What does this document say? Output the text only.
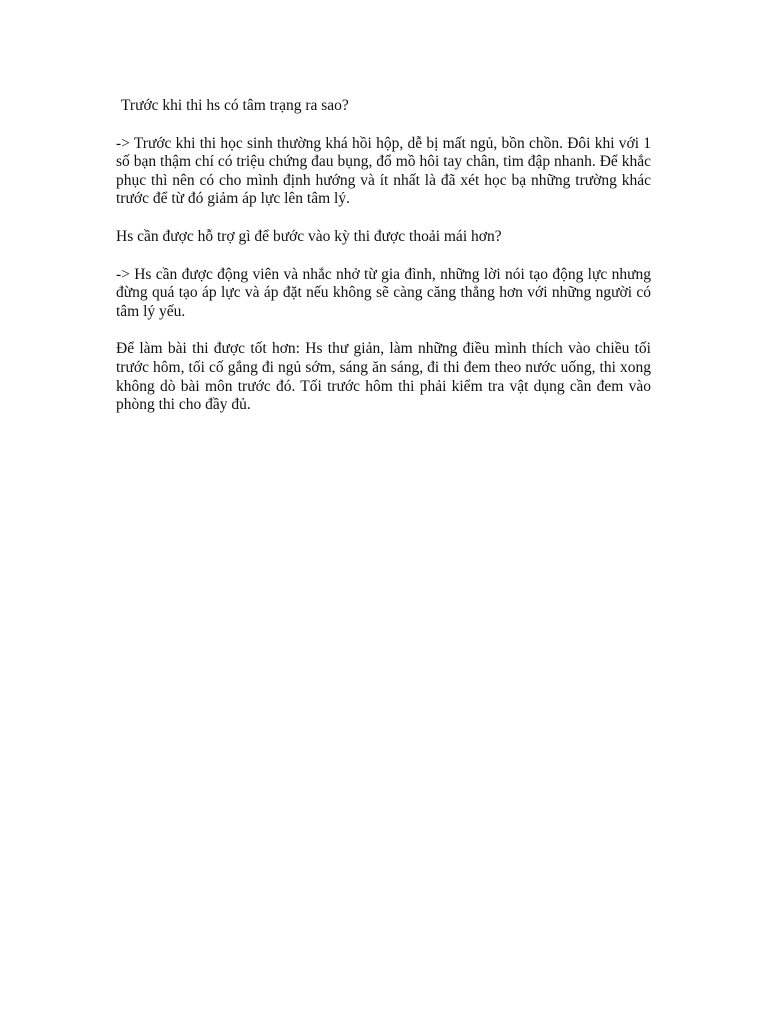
Trước khi thi hs có tâm trạng ra sao?

-> Trước khi thi học sinh thường khá hồi hộp, dễ bị mất ngủ, bồn chồn. Đôi khi với 1 số bạn thậm chí có triệu chứng đau bụng, đổ mồ hôi tay chân, tim đập nhanh. Để khắc phục thì nên có cho mình định hướng và ít nhất là đã xét học bạ những trường khác trước để từ đó giảm áp lực lên tâm lý.

Hs cần được hỗ trợ gì để bước vào kỳ thi được thoải mái hơn?

-> Hs cần được động viên và nhắc nhở từ gia đình, những lời nói tạo động lực nhưng đừng quá tạo áp lực và áp đặt nếu không sẽ càng căng thẳng hơn với những người có tâm lý yếu.

Để làm bài thi được tốt hơn: Hs thư giản, làm những điều mình thích vào chiều tối trước hôm, tối cố gắng đi ngủ sớm, sáng ăn sáng, đi thi đem theo nước uống, thi xong không dò bài môn trước đó. Tối trước hôm thi phải kiểm tra vật dụng cần đem vào phòng thi cho đầy đủ.
